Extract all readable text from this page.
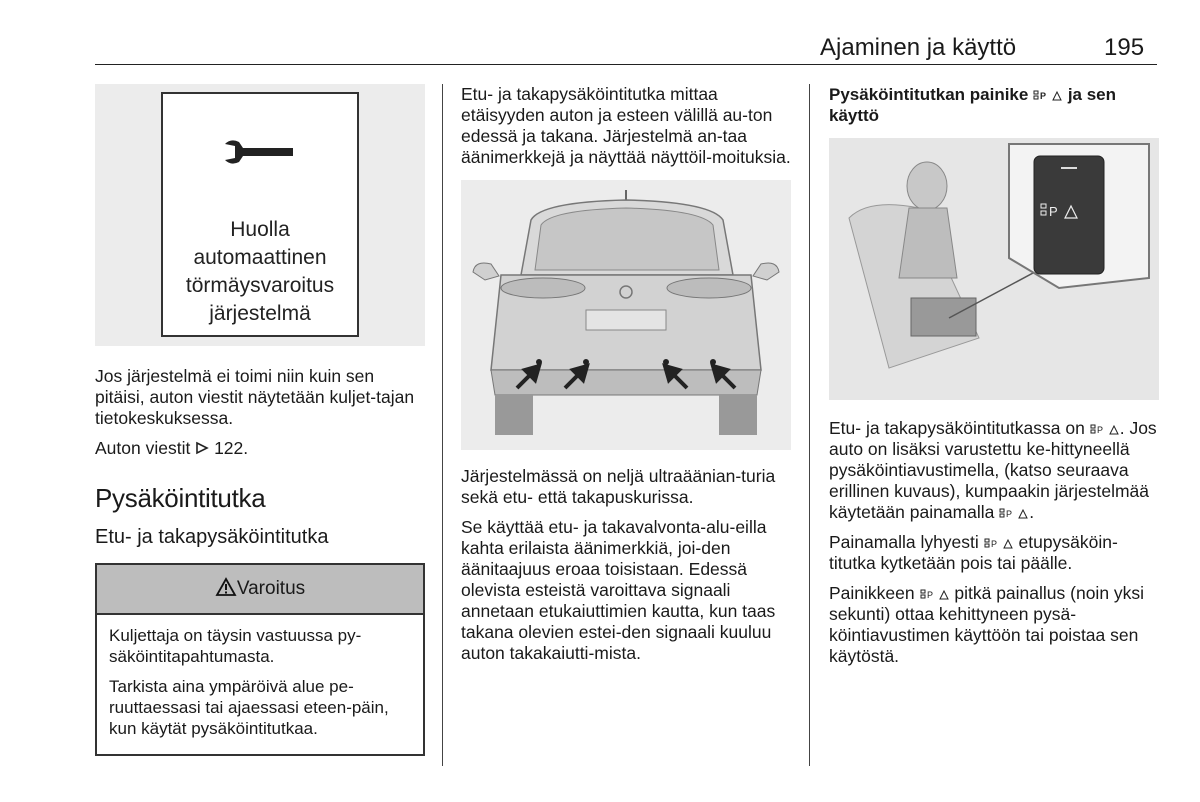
Ajaminen ja käyttö	195
Huolla
automaattinen
törmäysvaroitus
järjestelmä

Jos järjestelmä ei toimi niin kuin sen pitäisi, auton viestit näytetään kuljet-tajan tietokeskuksessa.

Auton viestit 122.

Pysäköintitutka
Etu- ja takapysäköintitutka
Varoitus

Kuljettaja on täysin vastuussa py-säköintitapahtumasta.

Tarkista aina ympäröivä alue pe-ruuttaessasi tai ajaessasi eteen-päin, kun käytät pysäköintitutkaa.

Etu- ja takapysäköintitutka mittaa etäisyyden auton ja esteen välillä au-ton edessä ja takana. Järjestelmä an-taa äänimerkkejä ja näyttää näyttöil-moituksia.

Järjestelmässä on neljä ultraäänian-turia sekä etu- että takapuskurissa.

Se käyttää etu- ja takavalvonta-alu-eilla kahta erilaista äänimerkkiä, joi-den äänitaajuus eroaa toisistaan. Edessä olevista esteistä varoittava signaali annetaan etukaiuttimien kautta, kun taas takana olevien estei-den signaali kuuluu auton takakaiutti-mista.

Pysäköintitutkan painike P ja sen käyttö
P

Etu- ja takapysäköintitutkassa on P . Jos auto on lisäksi varustettu ke-hittyneellä pysäköintiavustimella, (katso seuraava erillinen kuvaus), kumpaakin järjestelmää käytetään painamalla P .

Painamalla lyhyesti P etupysäköin-titutka kytketään pois tai päälle.

Painikkeen P pitkä painallus (noin yksi sekunti) ottaa kehittyneen pysä-köintiavustimen käyttöön tai poistaa sen käytöstä.
